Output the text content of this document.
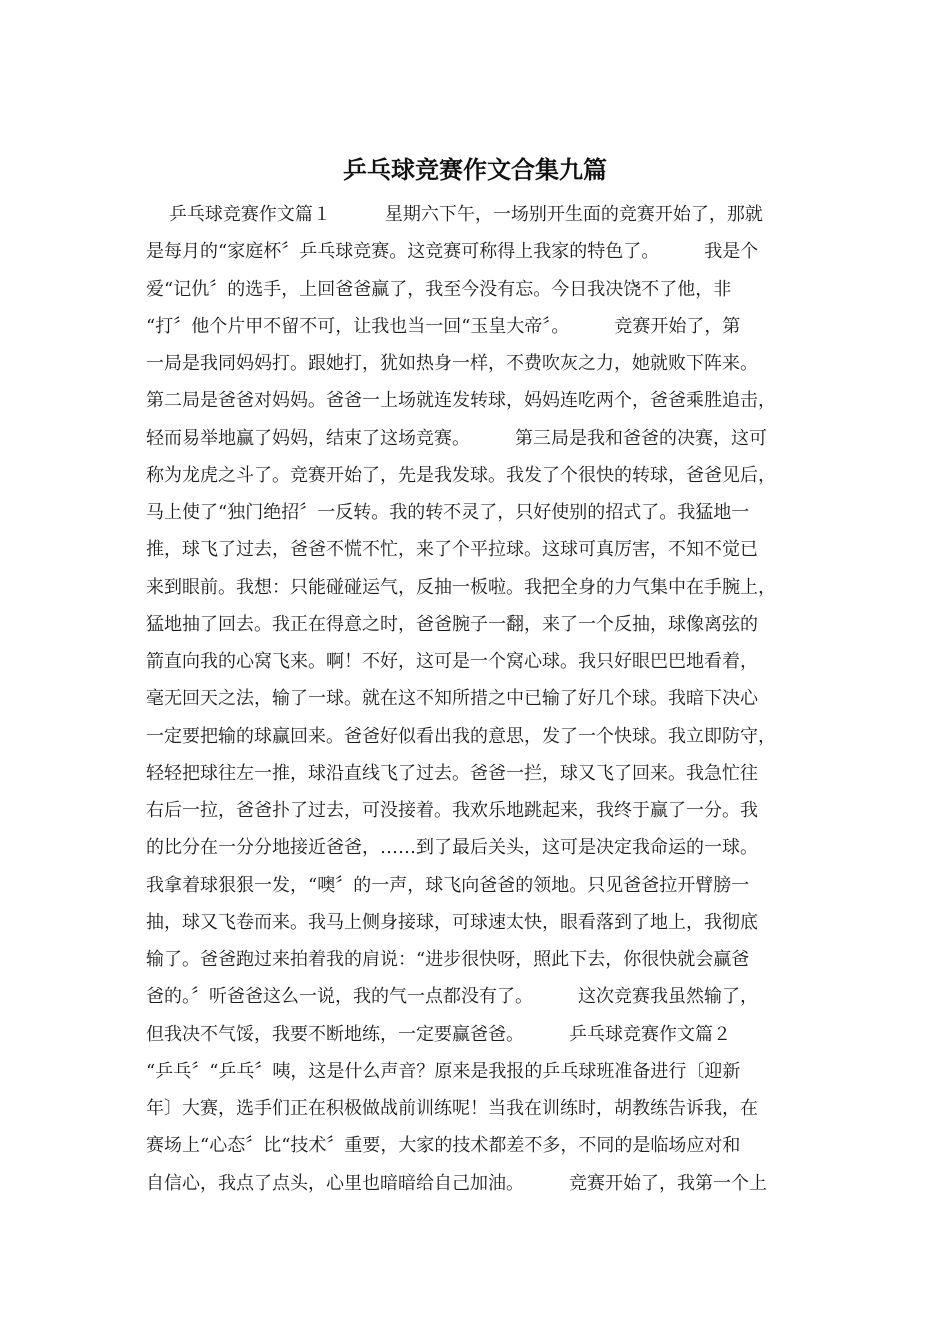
乒乓球竞赛作文合集九篇
乒乓球竞赛作文篇１　　　星期六下午，一场别开生面的竞赛开始了，那就
是每月的“家庭杯〞乒乓球竞赛。这竞赛可称得上我家的特色了。　　　我是个
爱“记仇〞的选手，上回爸爸赢了，我至今没有忘。今日我决饶不了他，非
“打〞他个片甲不留不可，让我也当一回“玉皇大帝〞。　　　竞赛开始了，第
一局是我同妈妈打。跟她打，犹如热身一样，不费吹灰之力，她就败下阵来。
第二局是爸爸对妈妈。爸爸一上场就连发转球，妈妈连吃两个，爸爸乘胜追击，
轻而易举地赢了妈妈，结束了这场竞赛。　　　第三局是我和爸爸的决赛，这可
称为龙虎之斗了。竞赛开始了，先是我发球。我发了个很快的转球，爸爸见后，
马上使了“独门绝招〞一反转。我的转不灵了，只好使别的招式了。我猛地一
推，球飞了过去，爸爸不慌不忙，来了个平拉球。这球可真厉害，不知不觉已
来到眼前。我想：只能碰碰运气，反抽一板啦。我把全身的力气集中在手腕上，
猛地抽了回去。我正在得意之时，爸爸腕子一翻，来了一个反抽，球像离弦的
箭直向我的心窝飞来。啊！不好，这可是一个窝心球。我只好眼巴巴地看着，
毫无回天之法，输了一球。就在这不知所措之中已输了好几个球。我暗下决心
一定要把输的球赢回来。爸爸好似看出我的意思，发了一个快球。我立即防守，
轻轻把球往左一推，球沿直线飞了过去。爸爸一拦，球又飞了回来。我急忙往
右后一拉，爸爸扑了过去，可没接着。我欢乐地跳起来，我终于赢了一分。我
的比分在一分分地接近爸爸，……到了最后关头，这可是决定我命运的一球。
我拿着球狠狠一发，“噢〞的一声，球飞向爸爸的领地。只见爸爸拉开臂膀一
抽，球又飞卷而来。我马上侧身接球，可球速太快，眼看落到了地上，我彻底
输了。爸爸跑过来拍着我的肩说：“进步很快呀，照此下去，你很快就会赢爸
爸的。〞听爸爸这么一说，我的气一点都没有了。　　　这次竞赛我虽然输了，
但我决不气馁，我要不断地练，一定要赢爸爸。　　　乒乓球竞赛作文篇２
“乒乓〞“乒乓〞咦，这是什么声音？原来是我报的乒乓球班准备进行〔迎新
年〕大赛，选手们正在积极做战前训练呢！当我在训练时，胡教练告诉我，在
赛场上“心态〞比“技术〞重要，大家的技术都差不多，不同的是临场应对和
自信心，我点了点头，心里也暗暗给自己加油。　　　竞赛开始了，我第一个上
